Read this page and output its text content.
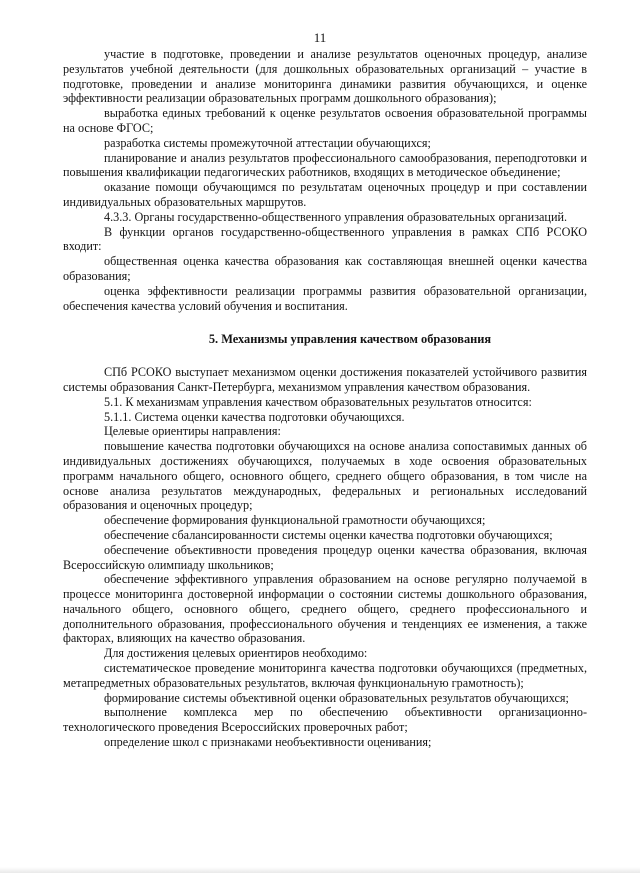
11

участие в подготовке, проведении и анализе результатов оценочных процедур, анализе результатов учебной деятельности (для дошкольных образовательных организаций – участие в подготовке, проведении и анализе мониторинга динамики развития обучающихся, и оценке эффективности реализации образовательных программ дошкольного образования);

выработка единых требований к оценке результатов освоения образовательной программы на основе ФГОС;

разработка системы промежуточной аттестации обучающихся;

планирование и анализ результатов профессионального самообразования, переподготовки и повышения квалификации педагогических работников, входящих в методическое объединение;

оказание помощи обучающимся по результатам оценочных процедур и при составлении индивидуальных образовательных маршрутов.

4.3.3. Органы государственно-общественного управления образовательных организаций.

В функции органов государственно-общественного управления в рамках СПб РСОКО входит:

общественная оценка качества образования как составляющая внешней оценки качества образования;

оценка эффективности реализации программы развития образовательной организации, обеспечения качества условий обучения и воспитания.

5. Механизмы управления качеством образования

СПб РСОКО выступает механизмом оценки достижения показателей устойчивого развития системы образования Санкт-Петербурга, механизмом управления качеством образования.

5.1. К механизмам управления качеством образовательных результатов относится:

5.1.1. Система оценки качества подготовки обучающихся.

Целевые ориентиры направления:

повышение качества подготовки обучающихся на основе анализа сопоставимых данных об индивидуальных достижениях обучающихся, получаемых в ходе освоения образовательных программ начального общего, основного общего, среднего общего образования, в том числе на основе анализа результатов международных, федеральных и региональных исследований образования и оценочных процедур;

обеспечение формирования функциональной грамотности обучающихся;

обеспечение сбалансированности системы оценки качества подготовки обучающихся;

обеспечение объективности проведения процедур оценки качества образования, включая Всероссийскую олимпиаду школьников;

обеспечение эффективного управления образованием на основе регулярно получаемой в процессе мониторинга достоверной информации о состоянии системы дошкольного образования, начального общего, основного общего, среднего общего, среднего профессионального и дополнительного образования, профессионального обучения и тенденциях ее изменения, а также факторах, влияющих на качество образования.

Для достижения целевых ориентиров необходимо:

систематическое проведение мониторинга качества подготовки обучающихся (предметных, метапредметных образовательных результатов, включая функциональную грамотность);

формирование системы объективной оценки образовательных результатов обучающихся;

выполнение комплекса мер по обеспечению объективности организационно-технологического проведения Всероссийских проверочных работ;

определение школ с признаками необъективности оценивания;
